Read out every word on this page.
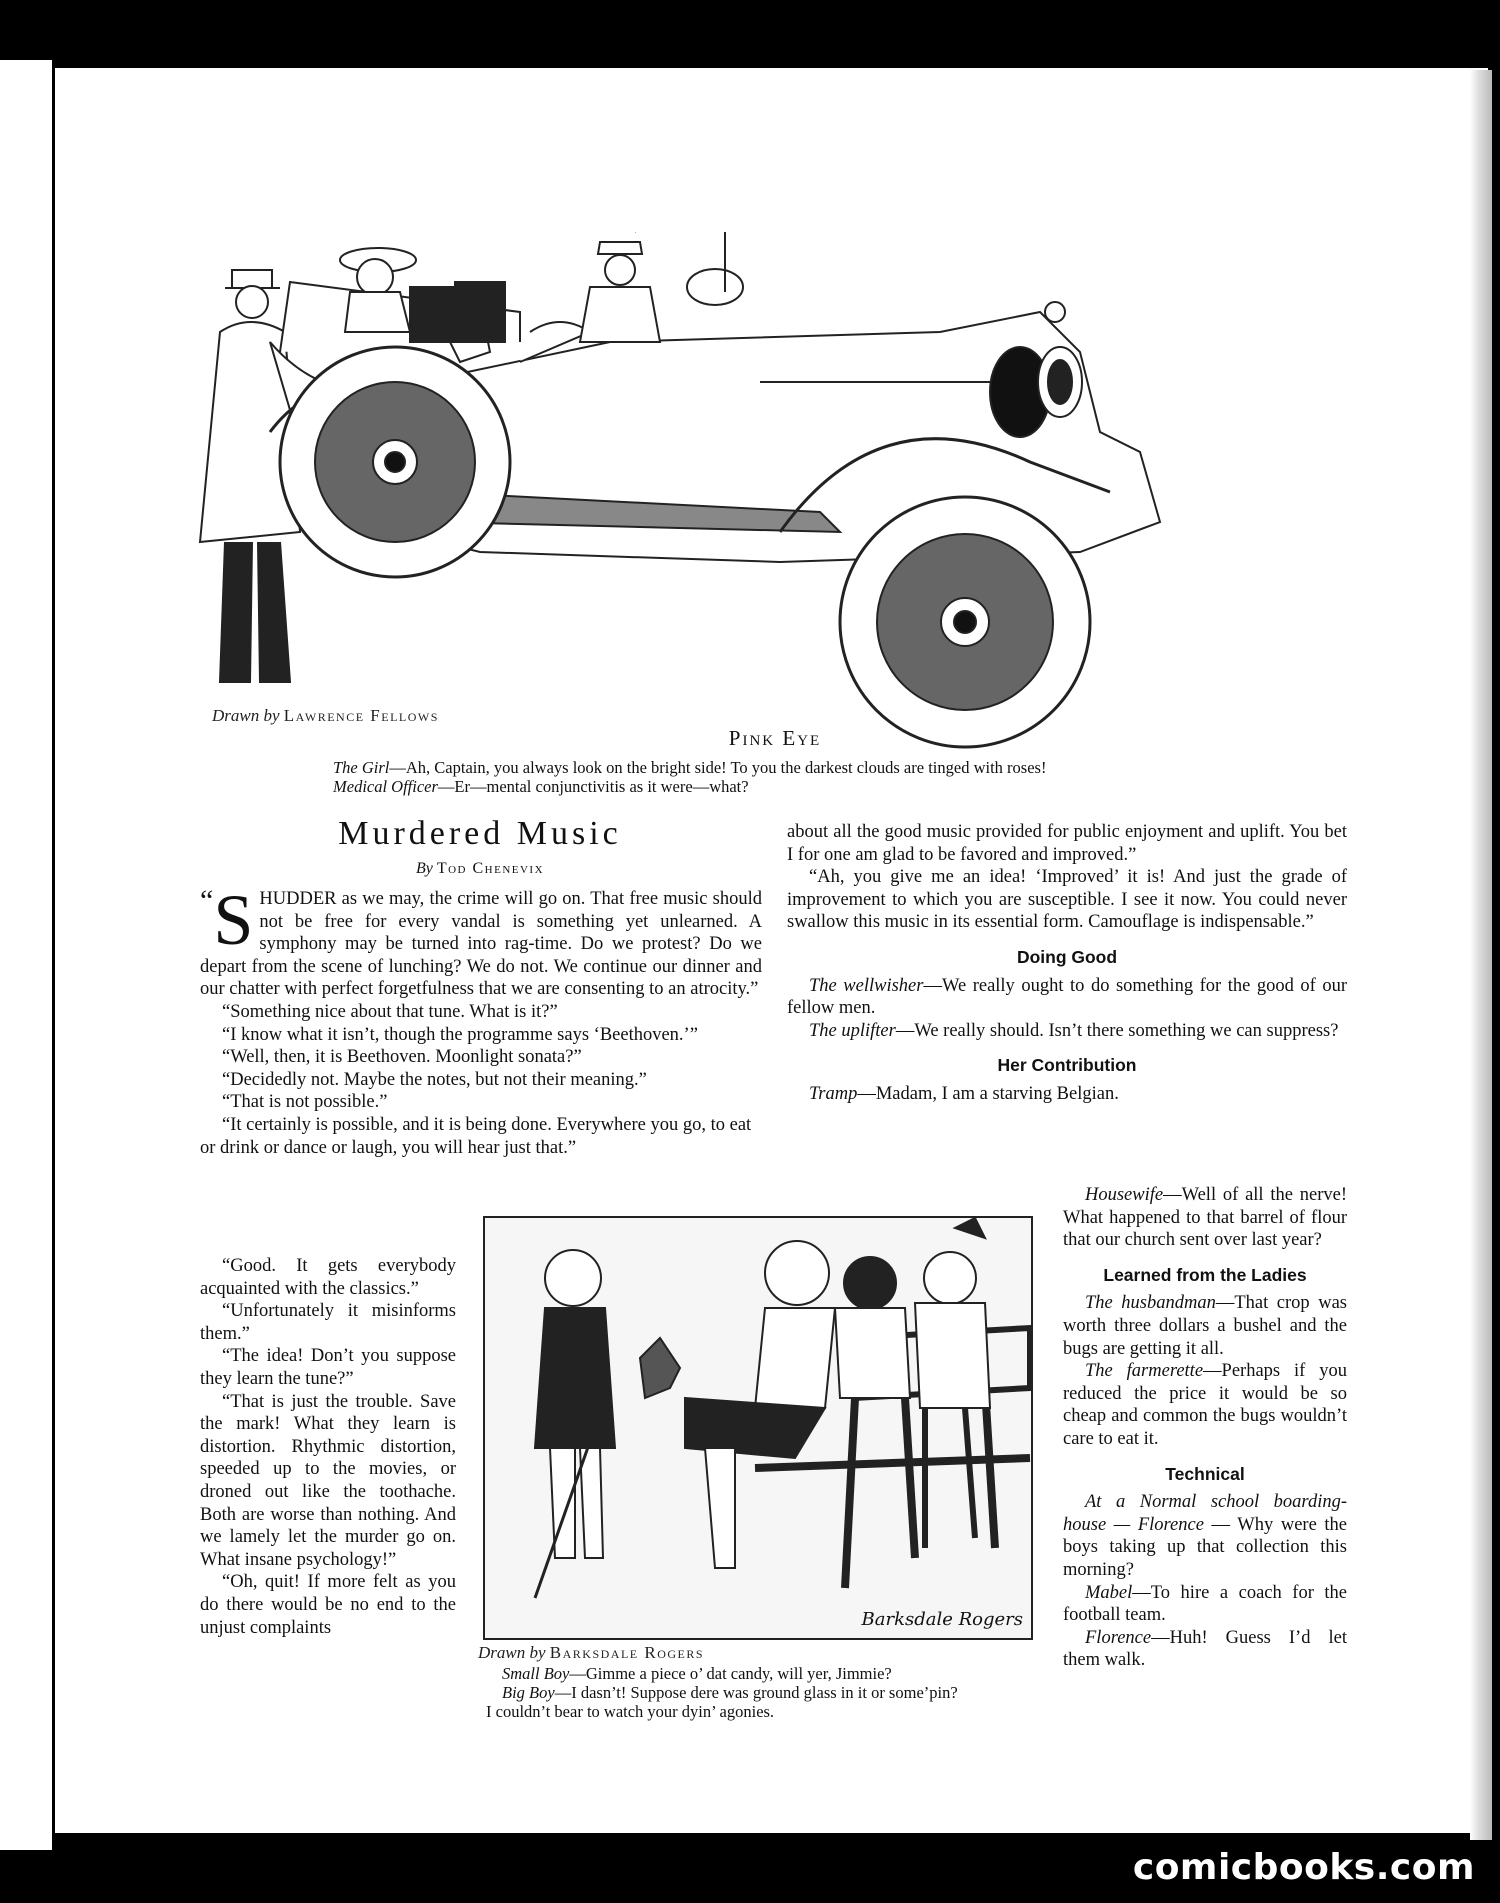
Drawn by Lawrence Fellows
Pink Eye
The Girl—Ah, Captain, you always look on the bright side! To you the darkest clouds are tinged with roses!
Medical Officer—Er—mental conjunctivitis as it were—what?
Murdered Music
By Tod Chenevix

“ S HUDDER as we may, the crime will go on. That free music should not be free for every vandal is something yet unlearned. A symphony may be turned into rag-time. Do we protest? Do we depart from the scene of lunching? We do not. We continue our dinner and our chatter with perfect forgetfulness that we are consenting to an atrocity.”

“Something nice about that tune. What is it?”

“I know what it isn’t, though the programme says ‘Beethoven.’”

“Well, then, it is Beethoven. Moonlight sonata?”

“Decidedly not. Maybe the notes, but not their meaning.”

“That is not possible.”

“It certainly is possible, and it is being done. Everywhere you go, to eat or drink or dance or laugh, you will hear just that.”

“Good. It gets everybody acquainted with the classics.”

“Unfortunately it misinforms them.”

“The idea! Don’t you suppose they learn the tune?”

“That is just the trouble. Save the mark! What they learn is distortion. Rhythmic distortion, speeded up to the movies, or droned out like the toothache. Both are worse than nothing. And we lamely let the murder go on. What insane psychology!”

“Oh, quit! If more felt as you do there would be no end to the unjust complaints

about all the good music provided for public enjoyment and uplift. You bet I for one am glad to be favored and improved.”

“Ah, you give me an idea! ‘Improved’ it is! And just the grade of improvement to which you are susceptible. I see it now. You could never swallow this music in its essential form. Camouflage is indispensable.”

Doing Good

The wellwisher—We really ought to do something for the good of our fellow men.

The uplifter—We really should. Isn’t there something we can suppress?

Her Contribution

Tramp—Madam, I am a starving Belgian.

Housewife—Well of all the nerve! What happened to that barrel of flour that our church sent over last year?

Learned from the Ladies

The husbandman—That crop was worth three dollars a bushel and the bugs are getting it all.

The farmerette—Perhaps if you reduced the price it would be so cheap and common the bugs wouldn’t care to eat it.

Technical

At a Normal school boarding-house — Florence — Why were the boys taking up that collection this morning?

Mabel—To hire a coach for the football team.

Florence—Huh! Guess I’d let them walk.

Barksdale Rogers
Drawn by Barksdale Rogers
Small Boy—Gimme a piece o’ dat candy, will yer, Jimmie?
Big Boy—I dasn’t! Suppose dere was ground glass in it or some’pin?
I couldn’t bear to watch your dyin’ agonies.
comicbooks.com
